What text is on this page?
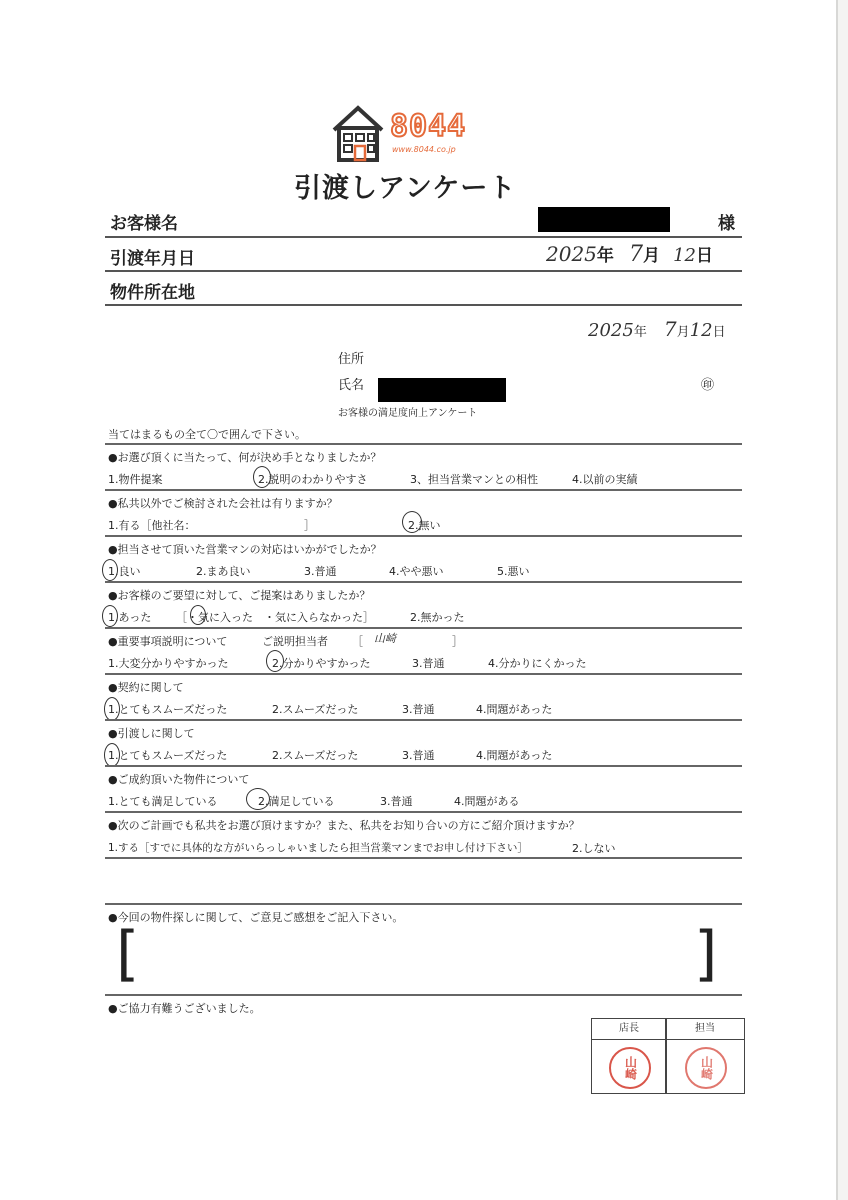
8044
www.8044.co.jp
引渡しアンケート
お客様名	様
引渡年月日	2025年 7月 12日
物件所在地
2025年 7月12日
住所
氏名	㊞
お客様の満足度向上アンケート
当てはまるもの全て〇で囲んで下さい。
●お選び頂くに当たって、何が決め手となりましたか？
1.物件提案	2.説明のわかりやすさ	3、担当営業マンとの相性	4.以前の実績
●私共以外でご検討された会社は有りますか？
1.有る［他社名：	］	2.無い
●担当させて頂いた営業マンの対応はいかがでしたか？
1.良い	2.まあ良い	3.普通	4.やや悪い	5.悪い
●お客様のご要望に対して、ご提案はありましたか？
1.あった ［・気に入った　・気に入らなかった］	2.無かった
●重要事項説明について	ご説明担当者 ［ 山崎	］
1.大変分かりやすかった	2.分かりやすかった	3.普通	4.分かりにくかった
●契約に関して
1.とてもスムーズだった	2.スムーズだった	3.普通	4.問題があった
●引渡しに関して
1.とてもスムーズだった	2.スムーズだった	3.普通	4.問題があった
●ご成約頂いた物件について
1.とても満足している	2.満足している	3.普通	4.問題がある
●次のご計画でも私共をお選び頂けますか？また、私共をお知り合いの方にご紹介頂けますか？
1.する［すでに具体的な方がいらっしゃいましたら担当営業マンまでお申し付け下さい］	2.しない
●今回の物件探しに関して、ご意見ご感想をご記入下さい。
[	]
●ご協力有難うございました。
店長
山崎
担当
山崎
